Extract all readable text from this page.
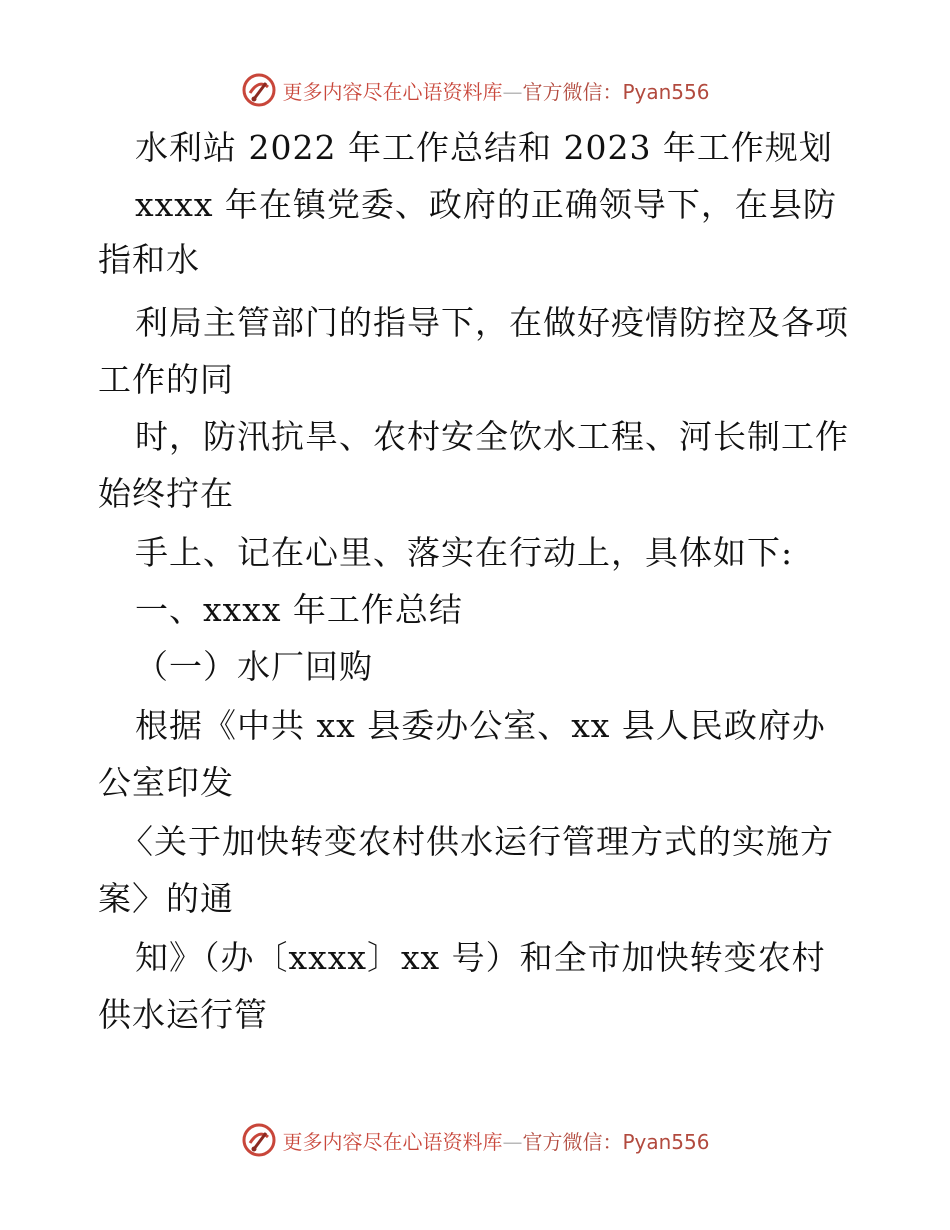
更多内容尽在心语资料库—官方微信：Pyan556
水利站 2022 年工作总结和 2023 年工作规划
xxxx 年在镇党委、政府的正确领导下，在县防
指和水
利局主管部门的指导下，在做好疫情防控及各项
工作的同
时，防汛抗旱、农村安全饮水工程、河长制工作
始终拧在
手上、记在心里、落实在行动上，具体如下:
一、xxxx 年工作总结
（一）水厂回购
根据《中共 xx 县委办公室、xx 县人民政府办
公室印发
〈关于加快转变农村供水运行管理方式的实施方
案〉的通
知》（办〔xxxx〕xx 号）和全市加快转变农村
供水运行管
更多内容尽在心语资料库—官方微信：Pyan556
